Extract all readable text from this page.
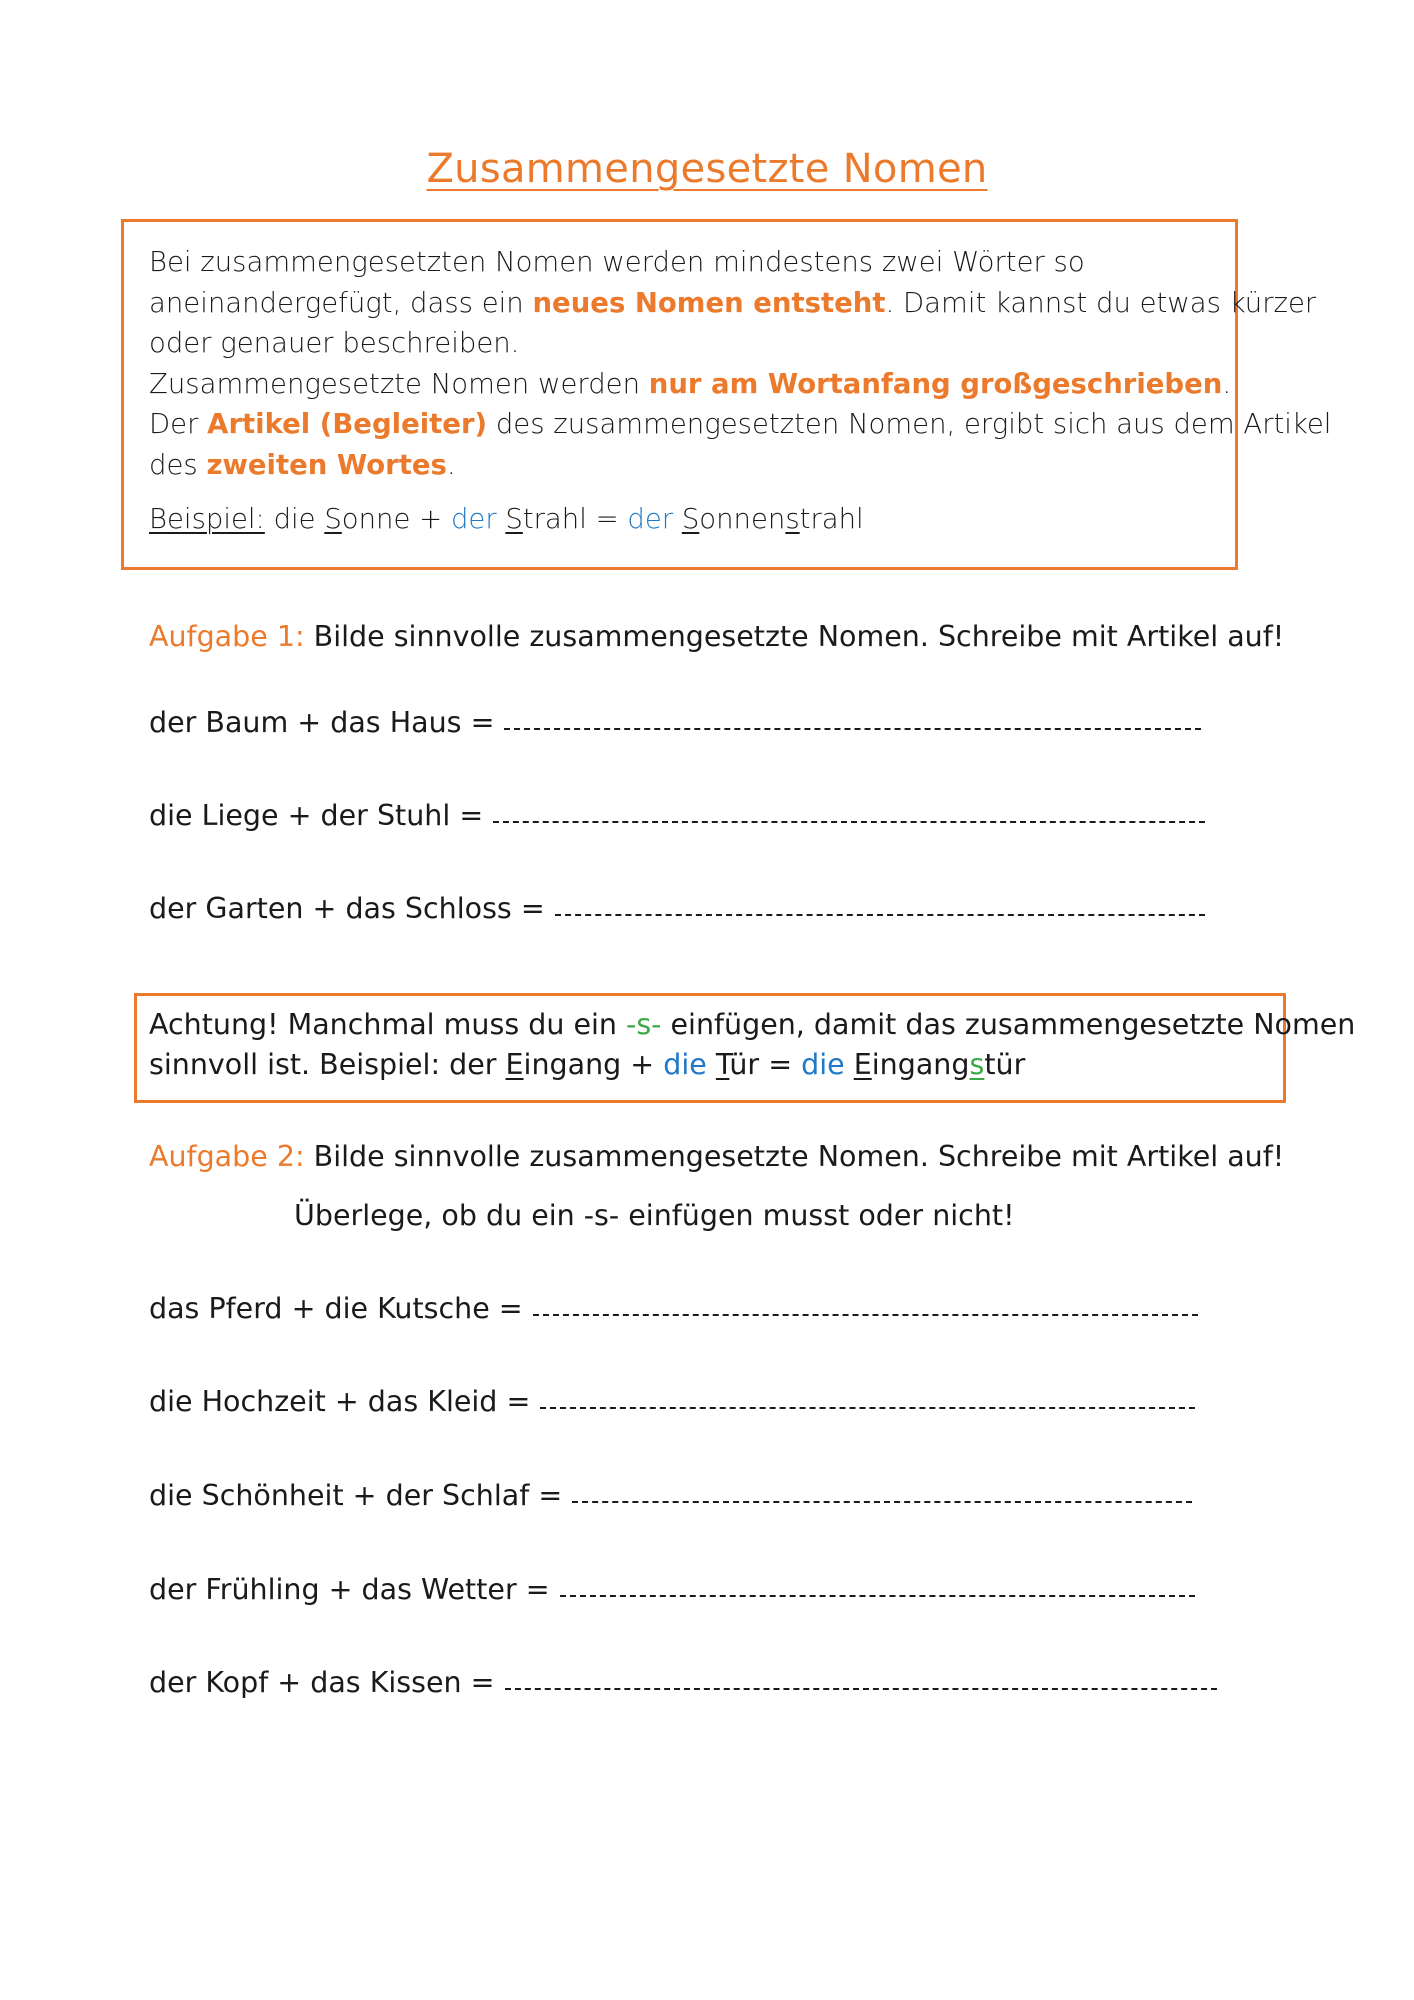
Zusammengesetzte Nomen
Bei zusammengesetzten Nomen werden mindestens zwei Wörter so
aneinandergefügt, dass ein neues Nomen entsteht. Damit kannst du etwas kürzer
oder genauer beschreiben.
Zusammengesetzte Nomen werden nur am Wortanfang großgeschrieben.
Der Artikel (Begleiter) des zusammengesetzten Nomen, ergibt sich aus dem Artikel
des zweiten Wortes.
Beispiel: die Sonne + der Strahl = der Sonnenstrahl
Aufgabe 1: Bilde sinnvolle zusammengesetzte Nomen. Schreibe mit Artikel auf!
der Baum + das Haus =
die Liege + der Stuhl =
der Garten + das Schloss =
Achtung! Manchmal muss du ein -s- einfügen, damit das zusammengesetzte Nomen
sinnvoll ist. Beispiel: der Eingang + die Tür = die Eingangstür
Aufgabe 2: Bilde sinnvolle zusammengesetzte Nomen. Schreibe mit Artikel auf!
Überlege, ob du ein -s- einfügen musst oder nicht!
das Pferd + die Kutsche =
die Hochzeit + das Kleid =
die Schönheit + der Schlaf =
der Frühling + das Wetter =
der Kopf + das Kissen =
